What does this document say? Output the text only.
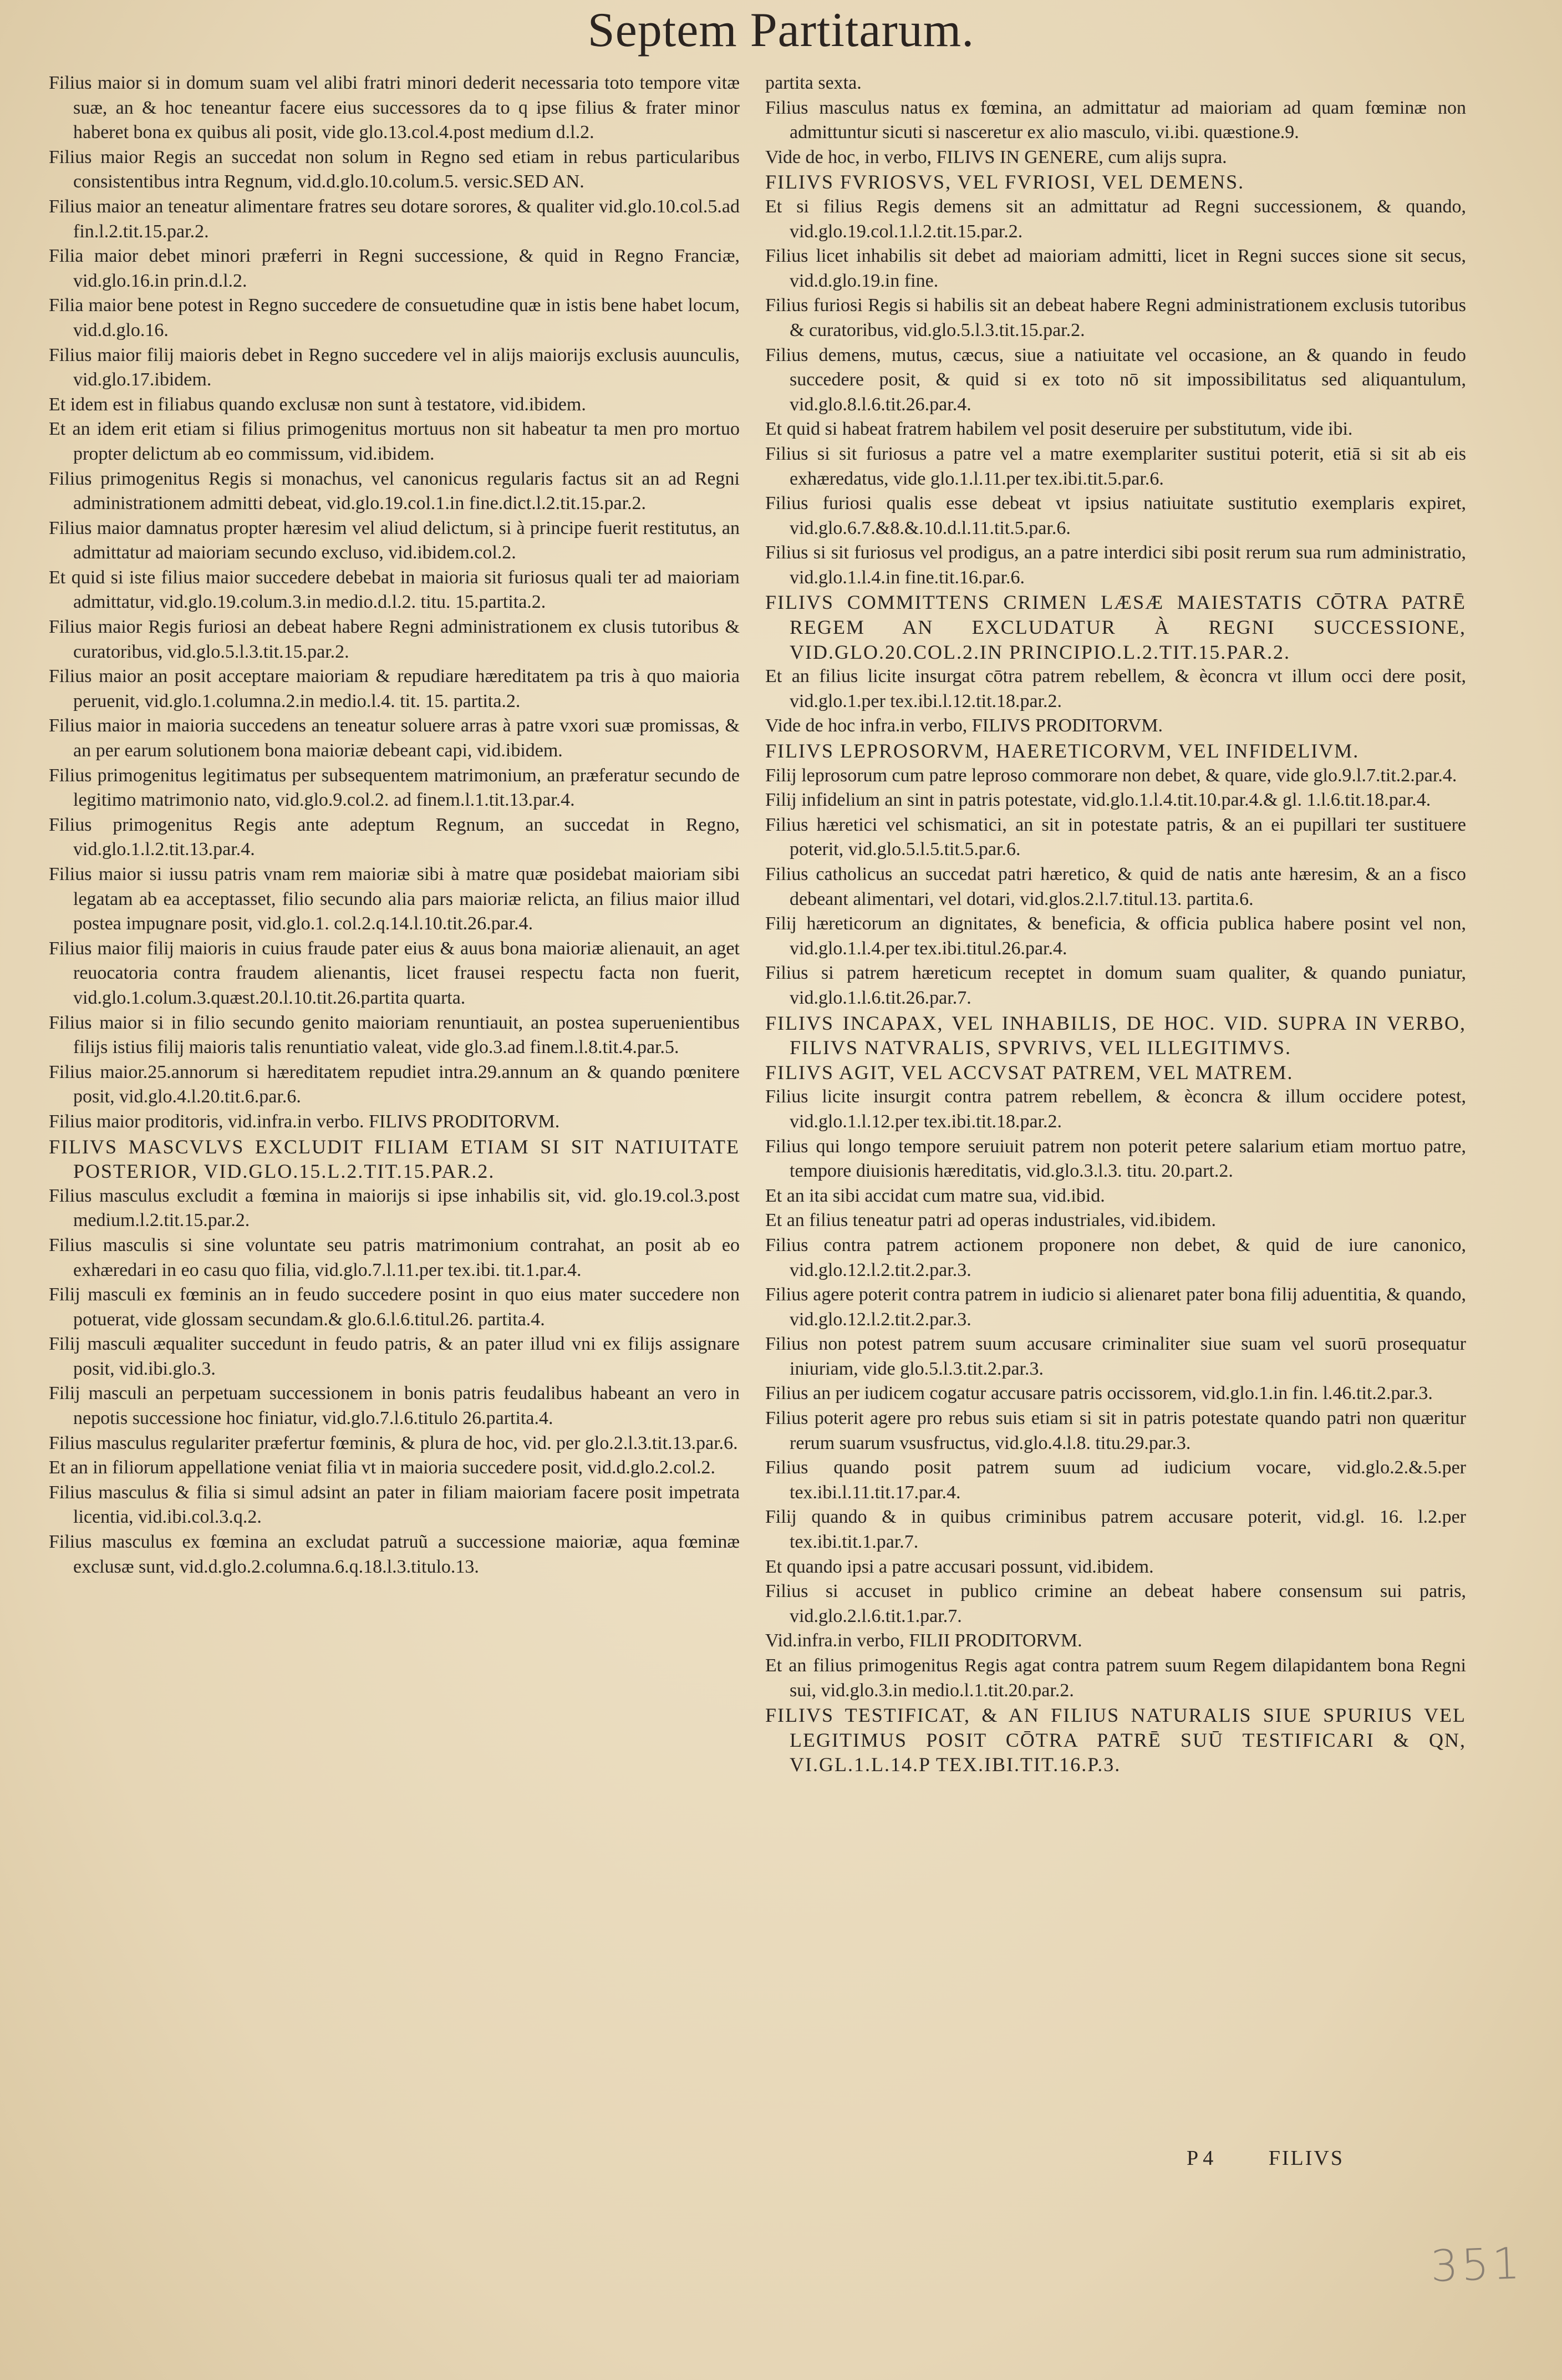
Septem Partitarum.

Filius maior si in domum suam vel alibi fratri minori dederit necessaria toto tempore vitæ suæ, an & hoc teneantur facere eius successores da to q ipse filius & frater minor haberet bona ex quibus ali posit, vide glo.13.col.4.post medium d.l.2.

Filius maior Regis an succedat non solum in Regno sed etiam in rebus particularibus consistentibus intra Regnum, vid.d.glo.10.colum.5. versic.SED AN.

Filius maior an teneatur alimentare fratres seu dotare sorores, & qualiter vid.glo.10.col.5.ad fin.l.2.tit.15.par.2.

Filia maior debet minori præferri in Regni successione, & quid in Regno Franciæ, vid.glo.16.in prin.d.l.2.

Filia maior bene potest in Regno succedere de consuetudine quæ in istis bene habet locum, vid.d.glo.16.

Filius maior filij maioris debet in Regno succedere vel in alijs maiorijs exclusis auunculis, vid.glo.17.ibidem.

Et idem est in filiabus quando exclusæ non sunt à testatore, vid.ibidem.

Et an idem erit etiam si filius primogenitus mortuus non sit habeatur ta men pro mortuo propter delictum ab eo commissum, vid.ibidem.

Filius primogenitus Regis si monachus, vel canonicus regularis factus sit an ad Regni administrationem admitti debeat, vid.glo.19.col.1.in fine.dict.l.2.tit.15.par.2.

Filius maior damnatus propter hæresim vel aliud delictum, si à principe fuerit restitutus, an admittatur ad maioriam secundo excluso, vid.ibidem.col.2.

Et quid si iste filius maior succedere debebat in maioria sit furiosus quali ter ad maioriam admittatur, vid.glo.19.colum.3.in medio.d.l.2. titu. 15.partita.2.

Filius maior Regis furiosi an debeat habere Regni administrationem ex clusis tutoribus & curatoribus, vid.glo.5.l.3.tit.15.par.2.

Filius maior an posit acceptare maioriam & repudiare hæreditatem pa tris à quo maioria peruenit, vid.glo.1.columna.2.in medio.l.4. tit. 15. partita.2.

Filius maior in maioria succedens an teneatur soluere arras à patre vxori suæ promissas, & an per earum solutionem bona maioriæ debeant capi, vid.ibidem.

Filius primogenitus legitimatus per subsequentem matrimonium, an præferatur secundo de legitimo matrimonio nato, vid.glo.9.col.2. ad finem.l.1.tit.13.par.4.

Filius primogenitus Regis ante adeptum Regnum, an succedat in Regno, vid.glo.1.l.2.tit.13.par.4.

Filius maior si iussu patris vnam rem maioriæ sibi à matre quæ posidebat maioriam sibi legatam ab ea acceptasset, filio secundo alia pars maioriæ relicta, an filius maior illud postea impugnare posit, vid.glo.1. col.2.q.14.l.10.tit.26.par.4.

Filius maior filij maioris in cuius fraude pater eius & auus bona maioriæ alienauit, an aget reuocatoria contra fraudem alienantis, licet frausei respectu facta non fuerit, vid.glo.1.colum.3.quæst.20.l.10.tit.26.partita quarta.

Filius maior si in filio secundo genito maioriam renuntiauit, an postea superuenientibus filijs istius filij maioris talis renuntiatio valeat, vide glo.3.ad finem.l.8.tit.4.par.5.

Filius maior.25.annorum si hæreditatem repudiet intra.29.annum an & quando pœnitere posit, vid.glo.4.l.20.tit.6.par.6.

Filius maior proditoris, vid.infra.in verbo. FILIVS PRODITORVM.

FILIVS MASCVLVS EXCLUDIT FILIAM ETIAM SI SIT NATIUITATE POSTERIOR, VID.GLO.15.L.2.TIT.15.PAR.2.

Filius masculus excludit a fœmina in maiorijs si ipse inhabilis sit, vid. glo.19.col.3.post medium.l.2.tit.15.par.2.

Filius masculis si sine voluntate seu patris matrimonium contrahat, an posit ab eo exhæredari in eo casu quo filia, vid.glo.7.l.11.per tex.ibi. tit.1.par.4.

Filij masculi ex fœminis an in feudo succedere posint in quo eius mater succedere non potuerat, vide glossam secundam.& glo.6.l.6.titul.26. partita.4.

Filij masculi æqualiter succedunt in feudo patris, & an pater illud vni ex filijs assignare posit, vid.ibi.glo.3.

Filij masculi an perpetuam successionem in bonis patris feudalibus habeant an vero in nepotis successione hoc finiatur, vid.glo.7.l.6.titulo 26.partita.4.

Filius masculus regulariter præfertur fœminis, & plura de hoc, vid. per glo.2.l.3.tit.13.par.6.

Et an in filiorum appellatione veniat filia vt in maioria succedere posit, vid.d.glo.2.col.2.

Filius masculus & filia si simul adsint an pater in filiam maioriam facere posit impetrata licentia, vid.ibi.col.3.q.2.

Filius masculus ex fœmina an excludat patruũ a successione maioriæ, aqua fœminæ exclusæ sunt, vid.d.glo.2.columna.6.q.18.l.3.titulo.13.

partita sexta.

Filius masculus natus ex fœmina, an admittatur ad maioriam ad quam fœminæ non admittuntur sicuti si nasceretur ex alio masculo, vi.ibi. quæstione.9.

Vide de hoc, in verbo, FILIVS IN GENERE, cum alijs supra.

FILIVS FVRIOSVS, VEL FVRIOSI, VEL DEMENS.

Et si filius Regis demens sit an admittatur ad Regni successionem, & quando, vid.glo.19.col.1.l.2.tit.15.par.2.

Filius licet inhabilis sit debet ad maioriam admitti, licet in Regni succes sione sit secus, vid.d.glo.19.in fine.

Filius furiosi Regis si habilis sit an debeat habere Regni administrationem exclusis tutoribus & curatoribus, vid.glo.5.l.3.tit.15.par.2.

Filius demens, mutus, cæcus, siue a natiuitate vel occasione, an & quando in feudo succedere posit, & quid si ex toto nō sit impossibilitatus sed aliquantulum, vid.glo.8.l.6.tit.26.par.4.

Et quid si habeat fratrem habilem vel posit deseruire per substitutum, vide ibi.

Filius si sit furiosus a patre vel a matre exemplariter sustitui poterit, etiā si sit ab eis exhæredatus, vide glo.1.l.11.per tex.ibi.tit.5.par.6.

Filius furiosi qualis esse debeat vt ipsius natiuitate sustitutio exemplaris expiret, vid.glo.6.7.&8.&.10.d.l.11.tit.5.par.6.

Filius si sit furiosus vel prodigus, an a patre interdici sibi posit rerum sua rum administratio, vid.glo.1.l.4.in fine.tit.16.par.6.

FILIVS COMMITTENS CRIMEN LÆSÆ MAIESTATIS CŌTRA PATRĒ REGEM AN EXCLUDATUR À REGNI SUCCESSIONE, VID.GLO.20.COL.2.IN PRINCIPIO.L.2.TIT.15.PAR.2.

Et an filius licite insurgat cōtra patrem rebellem, & èconcra vt illum occi dere posit, vid.glo.1.per tex.ibi.l.12.tit.18.par.2.

Vide de hoc infra.in verbo, FILIVS PRODITORVM.

FILIVS LEPROSORVM, HAERETICORVM, VEL INFIDELIVM.

Filij leprosorum cum patre leproso commorare non debet, & quare, vide glo.9.l.7.tit.2.par.4.

Filij infidelium an sint in patris potestate, vid.glo.1.l.4.tit.10.par.4.& gl. 1.l.6.tit.18.par.4.

Filius hæretici vel schismatici, an sit in potestate patris, & an ei pupillari ter sustituere poterit, vid.glo.5.l.5.tit.5.par.6.

Filius catholicus an succedat patri hæretico, & quid de natis ante hæresim, & an a fisco debeant alimentari, vel dotari, vid.glos.2.l.7.titul.13. partita.6.

Filij hæreticorum an dignitates, & beneficia, & officia publica habere posint vel non, vid.glo.1.l.4.per tex.ibi.titul.26.par.4.

Filius si patrem hæreticum receptet in domum suam qualiter, & quando puniatur, vid.glo.1.l.6.tit.26.par.7.

FILIVS INCAPAX, VEL INHABILIS, DE HOC. VID. SUPRA IN VERBO, FILIVS NATVRALIS, SPVRIVS, VEL ILLEGITIMVS.

FILIVS AGIT, VEL ACCVSAT PATREM, VEL MATREM.

Filius licite insurgit contra patrem rebellem, & èconcra & illum occidere potest, vid.glo.1.l.12.per tex.ibi.tit.18.par.2.

Filius qui longo tempore seruiuit patrem non poterit petere salarium etiam mortuo patre, tempore diuisionis hæreditatis, vid.glo.3.l.3. titu. 20.part.2.

Et an ita sibi accidat cum matre sua, vid.ibid.

Et an filius teneatur patri ad operas industriales, vid.ibidem.

Filius contra patrem actionem proponere non debet, & quid de iure canonico, vid.glo.12.l.2.tit.2.par.3.

Filius agere poterit contra patrem in iudicio si alienaret pater bona filij aduentitia, & quando, vid.glo.12.l.2.tit.2.par.3.

Filius non potest patrem suum accusare criminaliter siue suam vel suorū prosequatur iniuriam, vide glo.5.l.3.tit.2.par.3.

Filius an per iudicem cogatur accusare patris occissorem, vid.glo.1.in fin. l.46.tit.2.par.3.

Filius poterit agere pro rebus suis etiam si sit in patris potestate quando patri non quæritur rerum suarum vsusfructus, vid.glo.4.l.8. titu.29.par.3.

Filius quando posit patrem suum ad iudicium vocare, vid.glo.2.&.5.per tex.ibi.l.11.tit.17.par.4.

Filij quando & in quibus criminibus patrem accusare poterit, vid.gl. 16. l.2.per tex.ibi.tit.1.par.7.

Et quando ipsi a patre accusari possunt, vid.ibidem.

Filius si accuset in publico crimine an debeat habere consensum sui patris, vid.glo.2.l.6.tit.1.par.7.

Vid.infra.in verbo, FILII PRODITORVM.

Et an filius primogenitus Regis agat contra patrem suum Regem dilapidantem bona Regni sui, vid.glo.3.in medio.l.1.tit.20.par.2.

FILIVS TESTIFICAT, & AN FILIUS NATURALIS SIUE SPURIUS VEL LEGITIMUS POSIT CŌTRA PATRĒ SUŪ TESTIFICARI & QN, VI.GL.1.L.14.P TEX.IBI.TIT.16.P.3.

P 4	FILIVS
351
